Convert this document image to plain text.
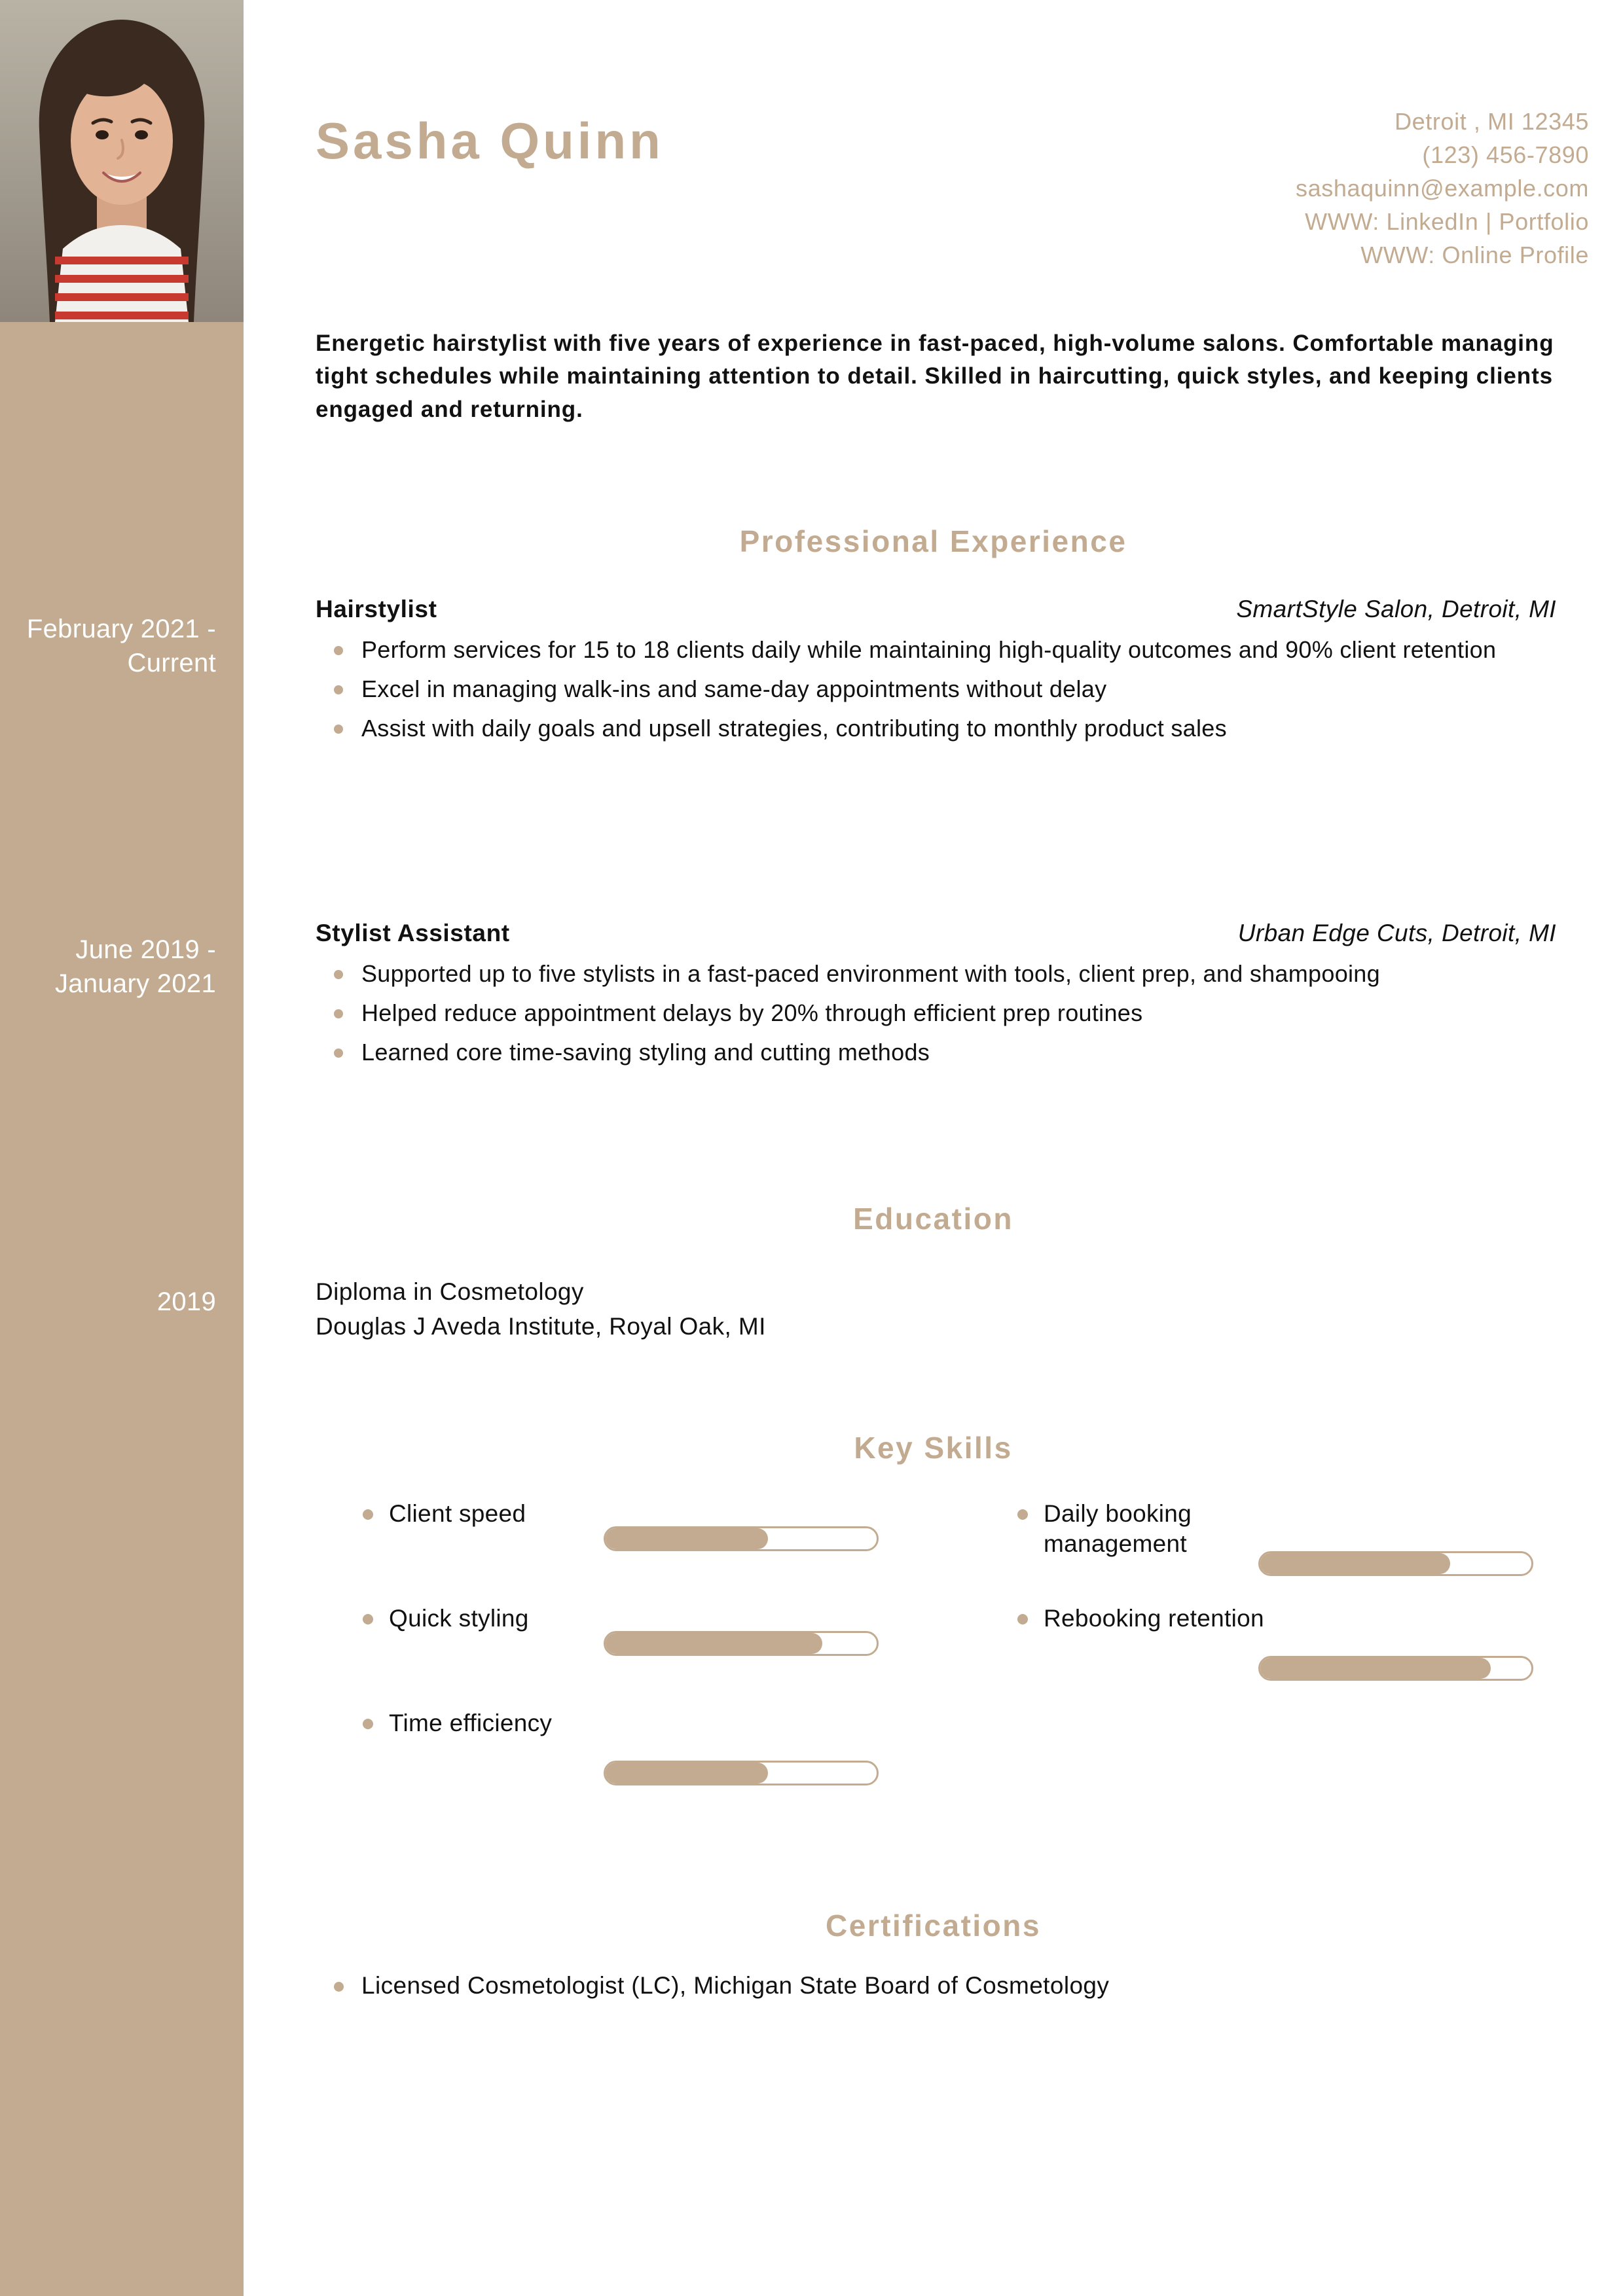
February 2021 - Current
June 2019 - January 2021
2019
Sasha Quinn	Detroit , MI 12345
(123) 456-7890
sashaquinn@example.com
WWW: LinkedIn | Portfolio
WWW: Online Profile
Energetic hairstylist with five years of experience in fast-paced, high-volume salons. Comfortable managing tight schedules while maintaining attention to detail. Skilled in haircutting, quick styles, and keeping clients engaged and returning.
Professional Experience
Hairstylist	SmartStyle Salon, Detroit, MI
Perform services for 15 to 18 clients daily while maintaining high-quality outcomes and 90% client retention
Excel in managing walk-ins and same-day appointments without delay
Assist with daily goals and upsell strategies, contributing to monthly product sales
Stylist Assistant	Urban Edge Cuts, Detroit, MI
Supported up to five stylists in a fast-paced environment with tools, client prep, and shampooing
Helped reduce appointment delays by 20% through efficient prep routines
Learned core time-saving styling and cutting methods
Education
Diploma in Cosmetology
Douglas J Aveda Institute, Royal Oak, MI
Key Skills
Client speed
Quick styling
Time efficiency
Daily booking management
Rebooking retention
Certifications
Licensed Cosmetologist (LC), Michigan State Board of Cosmetology
